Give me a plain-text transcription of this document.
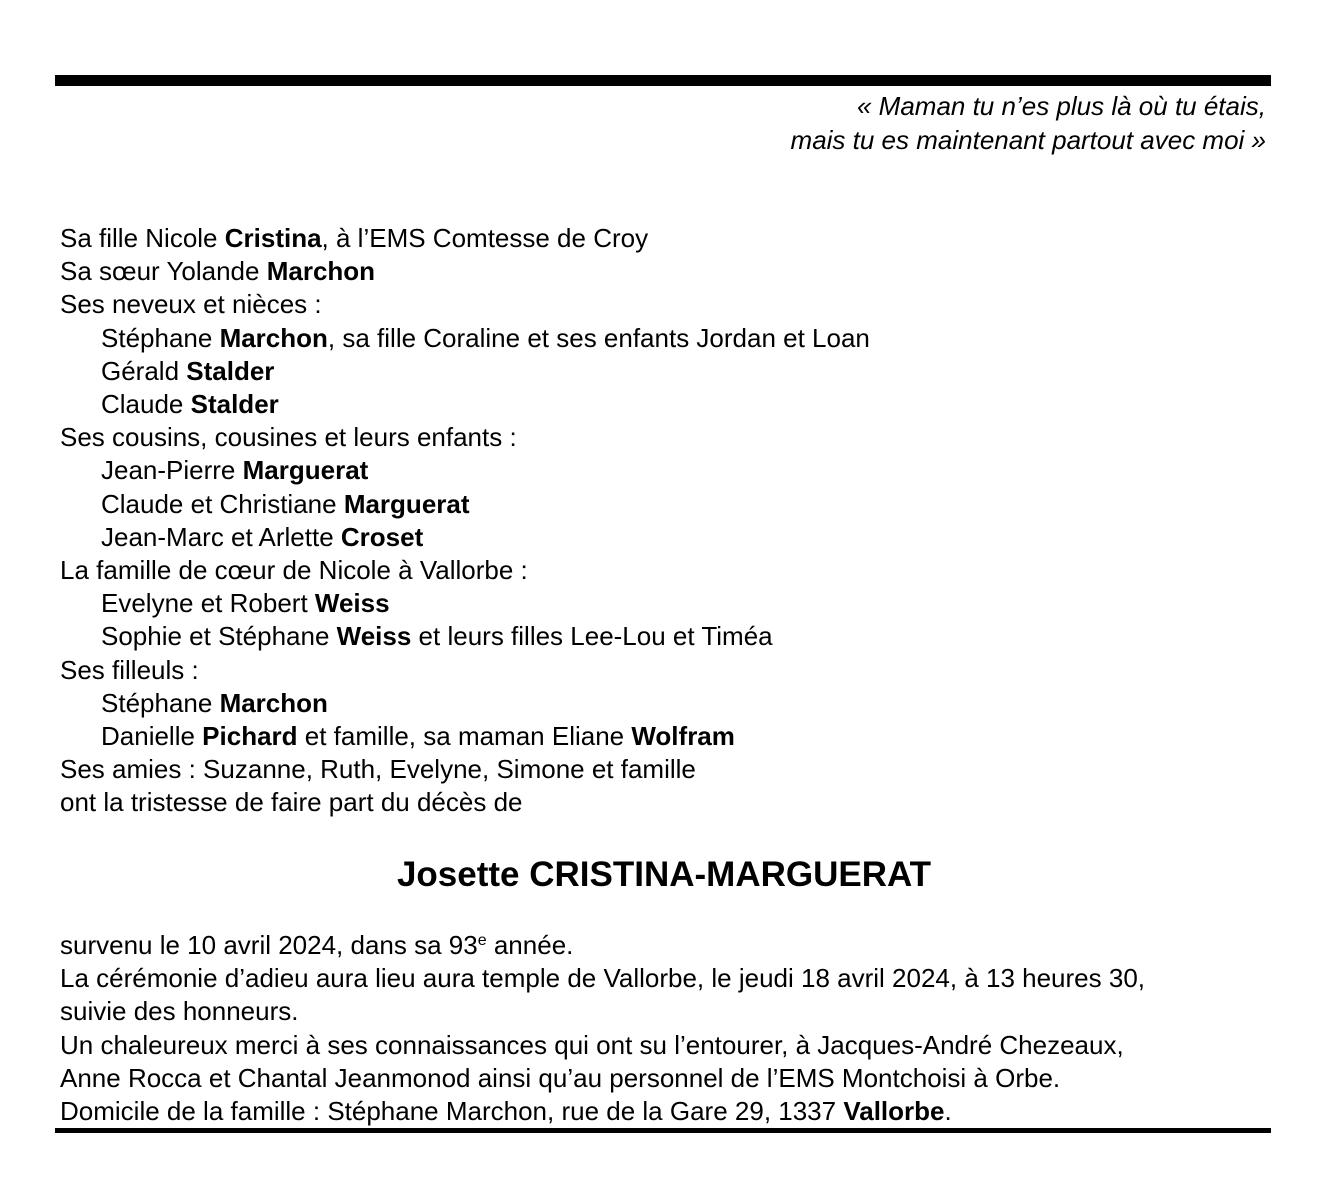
« Maman tu n’es plus là où tu étais,
mais tu es maintenant partout avec moi »
Sa fille Nicole Cristina, à l’EMS Comtesse de Croy
Sa sœur Yolande Marchon
Ses neveux et nièces :
Stéphane Marchon, sa fille Coraline et ses enfants Jordan et Loan
Gérald Stalder
Claude Stalder
Ses cousins, cousines et leurs enfants :
Jean-Pierre Marguerat
Claude et Christiane Marguerat
Jean-Marc et Arlette Croset
La famille de cœur de Nicole à Vallorbe :
Evelyne et Robert Weiss
Sophie et Stéphane Weiss et leurs filles Lee-Lou et Timéa
Ses filleuls :
Stéphane Marchon
Danielle Pichard et famille, sa maman Eliane Wolfram
Ses amies : Suzanne, Ruth, Evelyne, Simone et famille
ont la tristesse de faire part du décès de
Josette CRISTINA-MARGUERAT
survenu le 10 avril 2024, dans sa 93e année.
La cérémonie d’adieu aura lieu aura temple de Vallorbe, le jeudi 18 avril 2024, à 13 heures 30,
suivie des honneurs.
Un chaleureux merci à ses connaissances qui ont su l’entourer, à Jacques-André Chezeaux,
Anne Rocca et Chantal Jeanmonod ainsi qu’au personnel de l’EMS Montchoisi à Orbe.
Domicile de la famille : Stéphane Marchon, rue de la Gare 29, 1337 Vallorbe.
